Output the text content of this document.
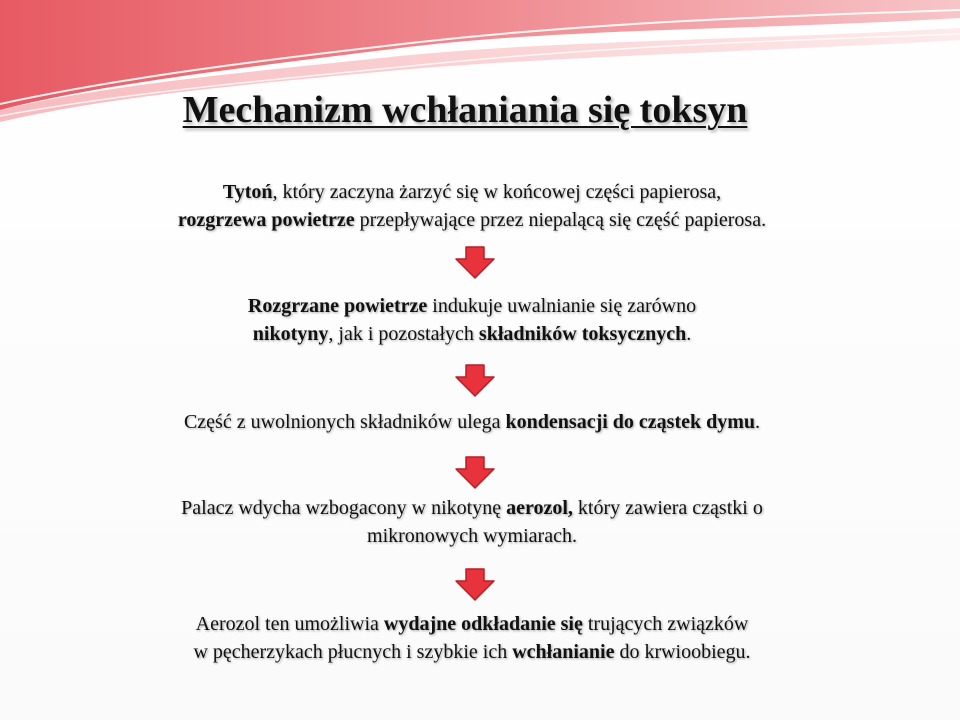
Mechanizm wchłaniania się toksyn
Tytoń, który zaczyna żarzyć się w końcowej części papierosa,
rozgrzewa powietrze przepływające przez niepalącą się część papierosa.
Rozgrzane powietrze indukuje uwalnianie się zarówno
nikotyny, jak i pozostałych składników toksycznych.
Część z uwolnionych składników ulega kondensacji do cząstek dymu.
Palacz wdycha wzbogacony w nikotynę aerozol, który zawiera cząstki o
mikronowych wymiarach.
Aerozol ten umożliwia wydajne odkładanie się trujących związków
w pęcherzykach płucnych i szybkie ich wchłanianie do krwioobiegu.
